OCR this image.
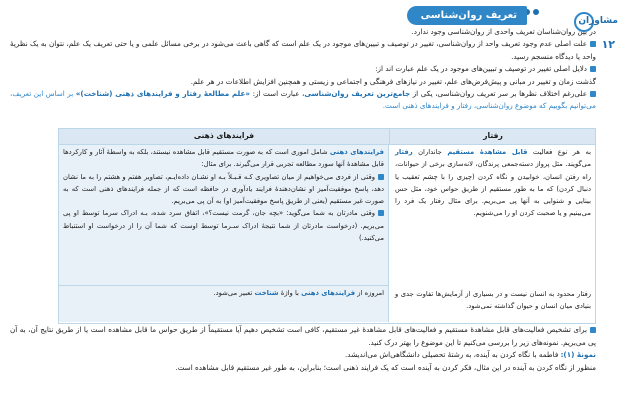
تعریف روان‌شناسی	مشاوران
۱۲

در بین روان‌شناسان تعریف واحدی از روان‌شناسی وجود ندارد.

علت اصلی عدم وجود تعریف واحد از روان‌شناسی، تغییر در توصیف و تبیین‌های موجود در یک علم است که گاهی باعث می‌شود در برخی مسائل علمی و یا حتی تعریف یک علم، نتوان به یک نظریهٔ واحد یا دیدگاه منسجم رسید.

دلایل اصلی تغییر در توصیف و تبیین‌های موجود در یک علم عبارت اند از:

گذشت زمان و تغییر در مبانی و پیش‌فرض‌های علم، تغییر در نیازهای فرهنگی و اجتماعی و زیستی و همچنین افزایش اطلاعات در هر علم.

علی‌رغم اختلاف نظرها بر سر تعریف روان‌شناسی، یکی از جامع‌ترین تعریف روان‌شناسی، عبارت است از: «علم مطالعهٔ رفتار و فرایندهای ذهنی (شناخت)» بر اساس این تعریف، می‌توانیم بگوییم که موضوع روان‌شناسی، رفتار و فرایندهای ذهنی است.

رفتار
فرایندهای ذهنی

به هر نوع فعالیت قابل مشاهدهٔ مستقیم جانداران رفتار می‌گویند. مثل پرواز دسته‌جمعی پرندگان، لانه‌سازی برخی از حیوانات، راه رفتن انسان، خوابیدن و نگاه کردن (چیزی را با چشم تعقیب یا دنبال کردن) که ما به طور مستقیم از طریق حواس خود، مثل حس بینایی و شنوایی به آنها پی می‌بریم. برای مثال رفتار یک فرد را می‌بینیم و یا صحبت کردن او را می‌شنویم.

رفتار محدود به انسان نیست و در بسیاری از آزمایش‌ها تفاوت جدی و بنیادی میان انسان و حیوان گذاشته نمی‌شود.

فرایندهای ذهنی شامل اموری است که به صورت مستقیم قابل مشاهده نیستند، بلکه به واسطهٔ آثار و کارکردها قابل مشاهدهٔ آنها سورد مطالعه تجربی قرار می‌گیرند. برای مثال:

وقتی از فردی می‌خواهیم از میان تصاویری کـه قـبـلاً بـه او نشـان داده‌ایـم، تصاویر هفتم و هشتم را به ما نشان دهد، پاسخ موفقیت‌آمیز او نشان‌دهندهٔ فرایند یادآوری در حافظه است که از جمله فرایندهای ذهنی است که به صورت غیر مستقیم (یعنی از طریق پاسخ موفقیت‌آمیز او) به آن پی می‌بریم.

وقتی مادرتان به شما می‌گوید: «بچه جان، گرمت نیست؟»، اتفاق سرد شده، بـه ادراک سرما توسط او پی می‌بریم. (درخواست مادرتان از شما نتیجهٔ ادراک سـرما توسط اوست که شما آن را از درخواست او استنباط می‌کنید.)

امروزه از فرایندهای ذهنی با واژهٔ شناخت تعبیر می‌شود.

برای تشخیص فعالیت‌های قابل مشاهدهٔ مستقیم و فعالیت‌های قابل مشاهدهٔ غیر مستقیم، کافی است تشخیص دهیم آیا مستقیماً از طریق حواس ما قابل مشاهده است یا از طریق نتایج آن، به آن پی می‌بریم. نمونه‌های زیر را بررسی می‌کنیم تا این موضوع را بهتر درک کنید.

نمونهٔ (۱): فاطمه با نگاه کردن به آینده، به رشتهٔ تحصیلی دانشگاهی‌اش می‌اندیشد.

منظور از نگاه کردن به آینده در این مثال، فکر کردن به آینده است که یک فرایند ذهنی است؛ بنابراین، به طور غیر مستقیم قابل مشاهده است.
